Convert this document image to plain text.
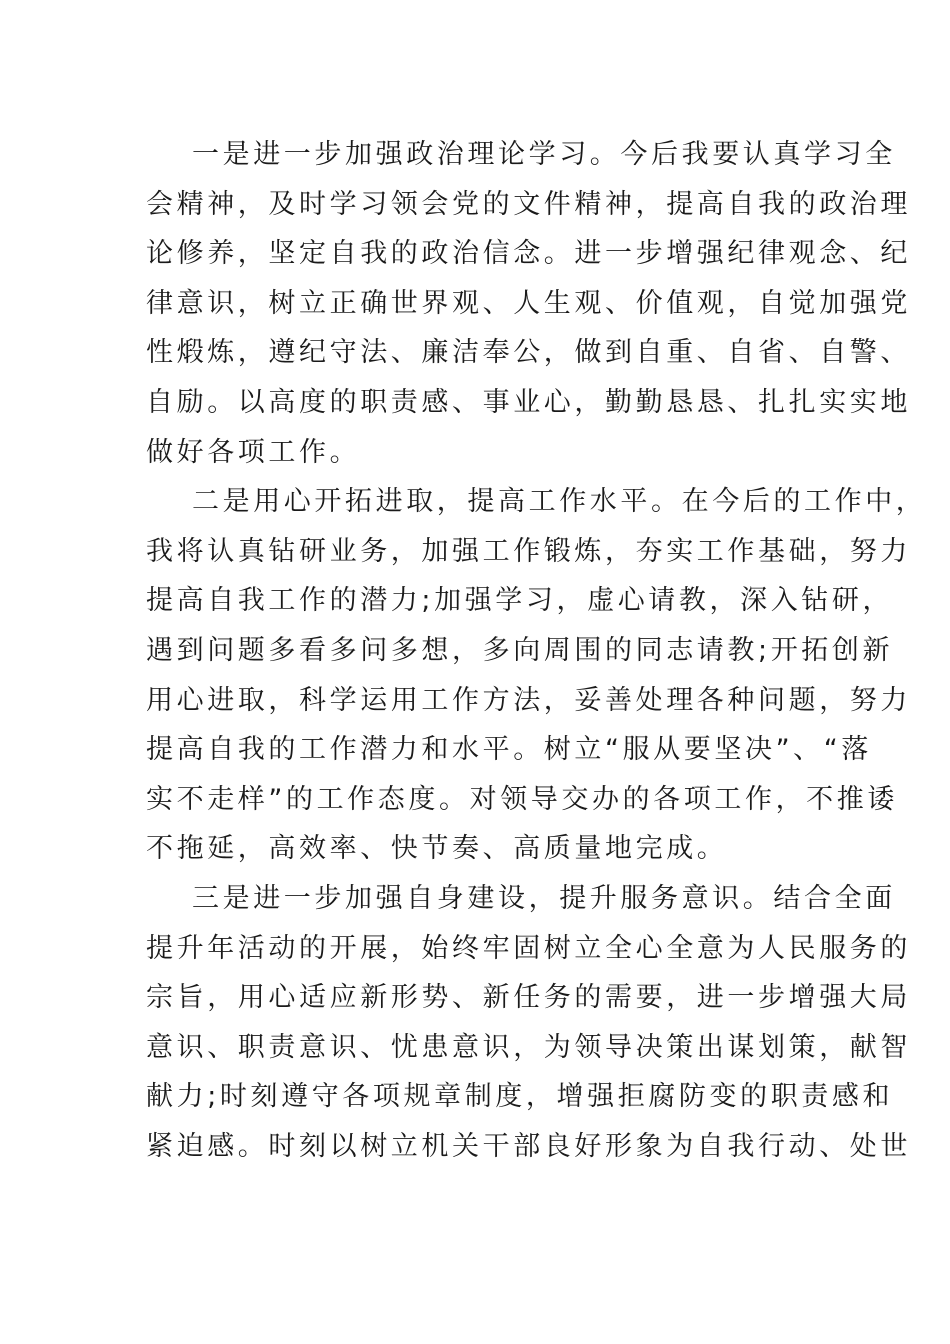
一是进一步加强政治理论学习。今后我要认真学习全
会精神，及时学习领会党的文件精神，提高自我的政治理
论修养，坚定自我的政治信念。进一步增强纪律观念、纪
律意识，树立正确世界观、人生观、价值观，自觉加强党
性煅炼，遵纪守法、廉洁奉公，做到自重、自省、自警、
自励。以高度的职责感、事业心，勤勤恳恳、扎扎实实地
做好各项工作。
二是用心开拓进取，提高工作水平。在今后的工作中，
我将认真钻研业务，加强工作锻炼，夯实工作基础，努力
提高自我工作的潜力;加强学习，虚心请教，深入钻研，
遇到问题多看多问多想，多向周围的同志请教;开拓创新
用心进取，科学运用工作方法，妥善处理各种问题，努力
提高自我的工作潜力和水平。树立“服从要坚决”、“落
实不走样”的工作态度。对领导交办的各项工作，不推诿
不拖延，高效率、快节奏、高质量地完成。
三是进一步加强自身建设，提升服务意识。结合全面
提升年活动的开展，始终牢固树立全心全意为人民服务的
宗旨，用心适应新形势、新任务的需要，进一步增强大局
意识、职责意识、忧患意识，为领导决策出谋划策，献智
献力;时刻遵守各项规章制度，增强拒腐防变的职责感和
紧迫感。时刻以树立机关干部良好形象为自我行动、处世
